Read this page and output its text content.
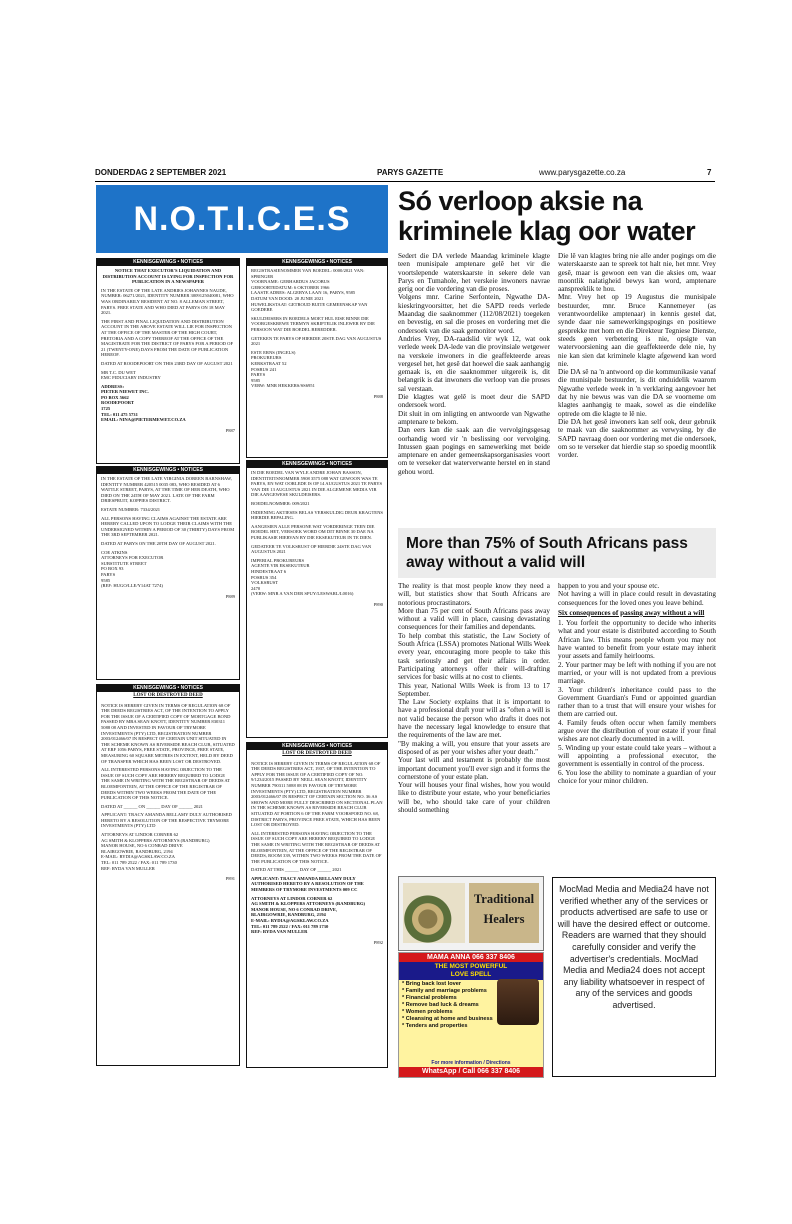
DONDERDAG 2 SEPTEMBER 2021	PARYS GAZETTE	www.parysgazette.co.za	7
N.O.T.I.C.E.S
KENNISGEWINGS • NOTICES

NOTICE THAT EXECUTOR'S LIQUIDATION AND DISTRIBUTION ACCOUNT IS LYING FOR INSPECTION FOR PUBLICATION IN A NEWSPAPER

IN THE ESTATE OF THE LATE ANDRIES JOHANNES NAUDE, NUMBER: 06271/2021, IDENTITY NUMBER 3009125040081, WHO WAS ORDINARILY RESIDENT AT NO. 8 ALLEMAN STREET, PARYS. FREE STATE AND WHO DIED AT PARYS ON 18 MAY 2021.

THE FIRST AND FINAL LIQUIDATION AND DISTRIBUTION ACCOUNT IN THE ABOVE ESTATE WILL LIE FOR INSPECTION AT THE OFFICE OF THE MASTER OF THE HIGH COURT, PRETORIA AND A COPY THEREOF AT THE OFFICE OF THE MAGISTRATE FOR THE DISTRICT OF PARYS FOR A PERIOD OF 21 (TWENTY-ONE) DAYS FROM THE DATE OF PUBLICATION HEREOF.

DATED AT ROODEPOORT ON THIS 23RD DAY OF AUGUST 2021

MR T.C. DU WET
EMC FIDUCIARY INDUSTRY

ADDRESS:
PIETER NIEWET INC.
PO BOX 5662
ROODEPOORT
1725
TEL: 011 475 5731
EMAIL: NINA@PIETERMEWET.CO.ZA

P887
KENNISGEWINGS • NOTICES

REGISTRASIENOMMER VAN BOEDEL: 0000/2021 VAN: SPRINGER
VOORNAME: GERHARDUS JACOBUS
GEBOORTEDATUM: 6 OKTOBER 1966
LAASTE ADRES: ALGERYA LAAN 16, PARYS, 9585
DATUM VAN DOOD: 20 JUNIE 2021
HUWELIKSTAAT: GETROUD BUITE GEMEENSKAP VAN GOEDERE

SKULDEISERS IN BOEDELS MOET HUL EISE BINNE DIE VOORGESKREWE TERMYN SKRIFTELIK INLEWER BY DIE PERSOON WAT DIE BOEDEL BEREDDER.

GETEKEN TE PARYS OP HIERDIE 20STE DAG VAN AUGUSTUS 2021

ESTE ERNS (INGELS)
PROKUREURS
KERKSTRAAT 52
POSBUS 241
PARYS
9585
VERW: MNR HEKKERS/SS6951

P888
KENNISGEWINGS • NOTICES

IN THE ESTATE OF THE LATE VIRGINIA DOREEN BARNSHAW, IDENTITY NUMBER 420515 0035 083, WHO RESIDED AT 6 WATTLE STREET, PARYS, AT THE TIME OF HER DEATH, WHO DIED ON THE 24TH OF MAY 2021. LATE OF THE FARM DRIESPRUIT, KOPPIES DISTRICT.

ESTATE NUMBER: 7334/2021

ALL PERSONS HAVING CLAIMS AGAINST THE ESTATE ARE HEREBY CALLED UPON TO LODGE THEIR CLAIMS WITH THE UNDERSIGNED WITHIN A PERIOD OF 30 (THIRTY) DAYS FROM THE 3RD SEPTEMBER 2021.

DATED AT PARYS ON THE 20TH DAY OF AUGUST 2021.

COE ATKINS
ATTORNEYS FOR EXECUTOR
SUBSTITUTE STREET
PO BOX 93
PARYS
9585
(REF: HUGO/LLE/Y14AT 7274)

P889
KENNISGEWINGS • NOTICES

IN DIE BOEDEL VAN WYLE ANDRE JOHAN BASSON, IDENTITEITSNOMMER 5908 3575 088 WAT GEWOON WAS TE PARYS, EN WAT OORLEDE IS OP 14 AUGUSTUS 2021 TE PARYS VAN DIE 13 AUGUSTUS 2021 IN DIE ALGEMENE MEDIA VIR DIE AANGEWESE SKULDEISERS.

BOEDELNOMMER: 009/2021

INDIENING AKTIESES BELAS VERSKULDIG DEUR KRAGTENS HIERDIE BEPALING.

AANGESIEN ALLE PERSONE WAT VORDERINGE TEEN DIE BOEDEL HET, VERSOEK WORD OM DIT BINNE 30 DAE NA PUBLIKASIE HIERVAN BY DIE EKSEKUTEUR IN TE DIEN.

GEDATEER TE VOLKSRUST OP HIERDIE 24STE DAG VAN AUGUSTUS 2021

IMPERIAL PROKUREURS
AGENTE VIR EKSEKUTEUR
HINDESTRAAT 6
POSBUS 354
VOLKSRUST
2470
(VERW: MNR A VAN DER SPUY/LESWARL/L0016)

P890
KENNISGEWINGS • NOTICES
LOST OR DESTROYED DEED

NOTICE IS HEREBY GIVEN IN TERMS OF REGULATION 68 OF THE DEEDS REGISTRIES ACT, OF THE INTENTION TO APPLY FOR THE ISSUE OF A CERTIFIED COPY OF MORTGAGE BOND PASSED BY MBA SEAN KNOTT, IDENTITY NUMBER 830311 5088 08 AND INVESTED IN FAVOUR OF TRYMORE INVESTMENTS (PTY) LTD, REGISTRATION NUMBER 2003/012466/07 IN RESPECT OF CERTAIN UNIT SITUATED IN THE SCHEME KNOWN AS RIVERSIDE BEACH CLUB, SITUATED AT ERF 1056 PARYS, FREE STATE, PROVINCE, FREE STATE, MEASURING 60 SQUARE METRES IN EXTENT, HELD BY DEED OF TRANSFER WHICH HAS BEEN LOST OR DESTROYED.

ALL INTERESTED PERSONS HAVING OBJECTION TO THE ISSUE OF SUCH COPY ARE HEREBY REQUIRED TO LODGE THE SAME IN WRITING WITH THE REGISTRAR OF DEEDS AT BLOEMFONTEIN, AT THE OFFICE OF THE REGISTRAR OF DEEDS WITHIN TWO WEEKS FROM THE DATE OF THE PUBLICATION OF THIS NOTICE.

DATED AT ______ ON ______ DAY OF ______ 2021

APPLICANT: TRACY AMANDA BELLAMY DULY AUTHORISED HERETO BY A RESOLUTION OF THE RESPECTIVE TRYMORE INVESTMENTS (PTY) LTD

ATTORNEYS AT LINDOR CORNER 62
AG SMITH & KLOPPERS ATTORNEYS (RANDBURG)
MANOR HOUSE, NO 6 CONRAD DRIVE
BLAIRGOWRIE, RANDBURG, 2194
E-MAIL: RYDIA@AGSKLAW.CO.ZA
TEL: 011 789 2522 / FAX: 011 789 1730
REF: RYDA VAN MULLER

P891
KENNISGEWINGS • NOTICES
LOST OR DESTROYED DEED

NOTICE IS HEREBY GIVEN IN TERMS OF REGULATION 68 OF THE DEEDS REGISTRIES ACT, 1937, OF THE INTENTION TO APPLY FOR THE ISSUE OF A CERTIFIED COPY OF NO. 9/1234/2015 PASSED BY NEILL SEAN KNOTT, IDENTITY NUMBER 790311 5088 08 IN FAVOUR OF TRYMORE INVESTMENTS (PTY) LTD, REGISTRATION NUMBER 2003/012466/07 IN RESPECT OF CERTAIN SECTION NO. 36 AS SHOWN AND MORE FULLY DESCRIBED ON SECTIONAL PLAN IN THE SCHEME KNOWN AS RIVERSIDE BEACH CLUB SITUATED AT PORTION 6 OF THE FARM VOORSPOED NO. 68, DISTRICT PARYS, PROVINCE FREE STATE, WHICH HAS BEEN LOST OR DESTROYED.

ALL INTERESTED PERSONS HAVING OBJECTION TO THE ISSUE OF SUCH COPY ARE HEREBY REQUIRED TO LODGE THE SAME IN WRITING WITH THE REGISTRAR OF DEEDS AT BLOEMFONTEIN, AT THE OFFICE OF THE REGISTRAR OF DEEDS, ROOM 339, WITHIN TWO WEEKS FROM THE DATE OF THE PUBLICATION OF THIS NOTICE.

DATED AT THIS ______ DAY OF ______ 2021

APPLICANT: TRACY AMANDA BELLAMY DULY AUTHORISED HERETO BY A RESOLUTION OF THE MEMBERS OF TRYMORE INVESTMENTS 009 CC

ATTORNEYS AT LINDOR CORNER 62
AG SMITH & KLOPPERS ATTORNEYS (RANDBURG)
MANOR HOUSE, NO 6 CONRAD DRIVE,
BLAIRGOWRIE, RANDBURG, 2194
E-MAIL: RYDIA@AGSKLAW.CO.ZA
TEL: 011 789 2522 / FAX: 011 789 1730
REF: RYDA VAN MULLER

P892
Só verloop aksie na kriminele klag oor water
Sedert die DA verlede Maandag kriminele klagte teen munisipale amptenare gelê het vir die voortslepende waterskaarste in sekere dele van Parys en Tumahole, het verskeie inwoners navrae gerig oor die vordering van die proses.
Volgens mnr. Carine Serfontein, Ngwathe DA-kieskringvoorsitter, het die SAPD reeds verlede Maandag die saaknommer (112/08/2021) toegeken en bevestig, en sal die proses en vordering met die ondersoek van die saak gemonitor word.
Andries Vrey, DA-raadslid vir wyk 12, wat ook verlede week DA-lede van die provinsiale wetgewer na verskeie inwoners in die geaffekteerde areas vergesel het, het gesê dat hoewel die saak aanhangig gemaak is, en die saaknommer uitgereik is, dit belangrik is dat inwoners die verloop van die proses sal verstaan.
Die klagtes wat gelê is moet deur die SAPD ondersoek word.
Dit sluit in om inligting en antwoorde van Ngwathe amptenare te bekom.
Dan eers kan die saak aan die vervolgingsgesag oorhandig word vir 'n beslissing oor vervolging. Intussen gaan pogings en samewerking met beide amptenare en ander gemeenskapsorganisasies voort om te verseker dat waterverwante herstel en in stand gehou word.
Die lê van klagtes bring nie alle ander pogings om die waterskaarste aan te spreek tot halt nie, het mnr. Vrey gesê, maar is gewoon een van die aksies om, waar moontlik nalatigheid bewys kan word, amptenare aanspreeklik te hou.
Mnr. Vrey het op 19 Augustus die munisipale bestuurder, mnr. Bruce Kannemeyer (as verantwoordelike amptenaar) in kennis gestel dat, synde daar nie samewerkingspogings en positiewe gesprekke met hom en die Direkteur Tegniese Dienste, steeds geen verbetering is nie, opsigte van watervoorsiening aan die geaffekteerde dele nie, hy nie kan sien dat kriminele klagte afgewend kan word nie.
Die DA sê na 'n antwoord op die kommunikasie vanaf die munisipale bestuurder, is dit onduidelik waarom Ngwathe verlede week in 'n verklaring aangevoer het dat hy nie bewus was van die DA se voorneme om klagtes aanhangig te maak, sowel as die eindelike optrede om die klagte te lê nie.
Die DA het gesê inwoners kan self ook, deur gebruik te maak van die saaknommer as verwysing, by die SAPD navraag doen oor vordering met die ondersoek, om so te verseker dat hierdie stap so spoedig moontlik vorder.
More than 75% of South Africans pass away without a valid will
The reality is that most people know they need a will, but statistics show that South Africans are notorious procrastinators.
More than 75 per cent of South Africans pass away without a valid will in place, causing devastating consequences for their families and dependants.
To help combat this statistic, the Law Society of South Africa (LSSA) promotes National Wills Week every year, encouraging more people to take this task seriously and get their affairs in order. Participating attorneys offer their will-drafting services for basic wills at no cost to clients.
This year, National Wills Week is from 13 to 17 September.
The Law Society explains that it is important to have a professional draft your will as "often a will is not valid because the person who drafts it does not have the necessary legal knowledge to ensure that the requirements of the law are met.
"By making a will, you ensure that your assets are disposed of as per your wishes after your death."
Your last will and testament is probably the most important document you'll ever sign and it forms the cornerstone of your estate plan.
Your will houses your final wishes, how you would like to distribute your estate, who your beneficiaries will be, who should take care of your children should something

happen to you and your spouse etc.
Not having a will in place could result in devastating consequences for the loved ones you leave behind.

Six consequences of passing away without a will

1. You forfeit the opportunity to decide who inherits what and your estate is distributed according to South African law. This means people whom you may not have wanted to benefit from your estate may inherit your assets and family heirlooms.
2. Your partner may be left with nothing if you are not married, or your will is not updated from a previous marriage.
3. Your children's inheritance could pass to the Government Guardian's Fund or appointed guardian rather than to a trust that will ensure your wishes for them are carried out.
4. Family feuds often occur when family members argue over the distribution of your estate if your final wishes are not clearly documented in a will.
5. Winding up your estate could take years – without a will appointing a professional executor, the government is essentially in control of the process.
6. You lose the ability to nominate a guardian of your choice for your minor children.

Traditional
Healers
MAMA ANNA 066 337 8406
THE MOST POWERFUL
LOVE SPELL
* Bring back lost lover
* Family and marriage problems
* Financial problems
* Remove bad luck & dreams
* Women problems
* Cleansing at home and business
* Tenders and properties
For more information / Directions
WhatsApp / Call 066 337 8406

MocMad Media and Media24 have not verified whether any of the services or products advertised are safe to use or will have the desired effect or outcome. Readers are warned that they should carefully consider and verify the advertiser's credentials. MocMad Media and Media24 does not accept any liability whatsoever in respect of any of the services and goods advertised.
